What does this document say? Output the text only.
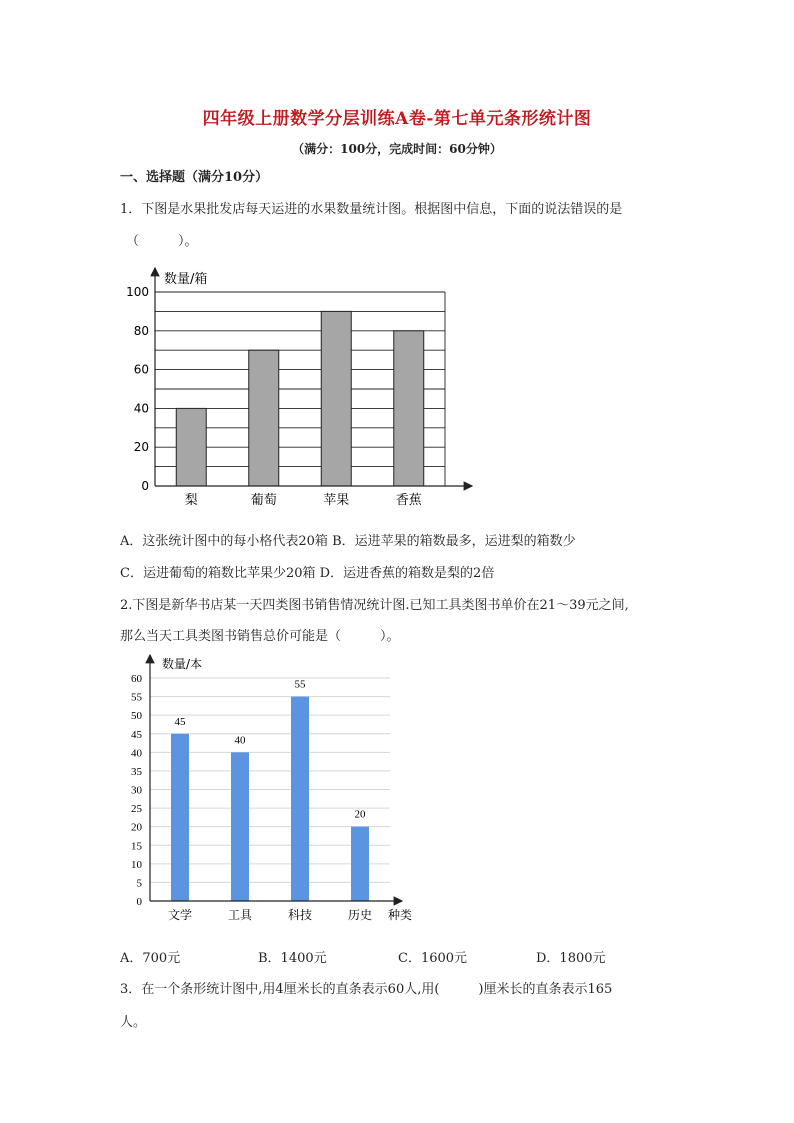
四年级上册数学分层训练A卷-第七单元条形统计图
（满分：100分，完成时间：60分钟）
一、选择题（满分10分）
1．下图是水果批发店每天运进的水果数量统计图。根据图中信息，下面的说法错误的是
（　　　）。
数量/箱
0
20
40
60
80
100
梨	葡萄	苹果	香蕉
A．这张统计图中的每小格代表20箱 B．运进苹果的箱数最多，运进梨的箱数少
C．运进葡萄的箱数比苹果少20箱 D．运进香蕉的箱数是梨的2倍
2.下图是新华书店某一天四类图书销售情况统计图.已知工具类图书单价在21～39元之间,
那么当天工具类图书销售总价可能是（　　　）。
数量/本
种类
0
5
10
15
20
25
30
35
40
45
50
55
60
文学	工具	科技	历史
45
40
55
20
A．700元	B．1400元	C．1600元	D．1800元
3．在一个条形统计图中,用4厘米长的直条表示60人,用(　　　)厘米长的直条表示165
人。
